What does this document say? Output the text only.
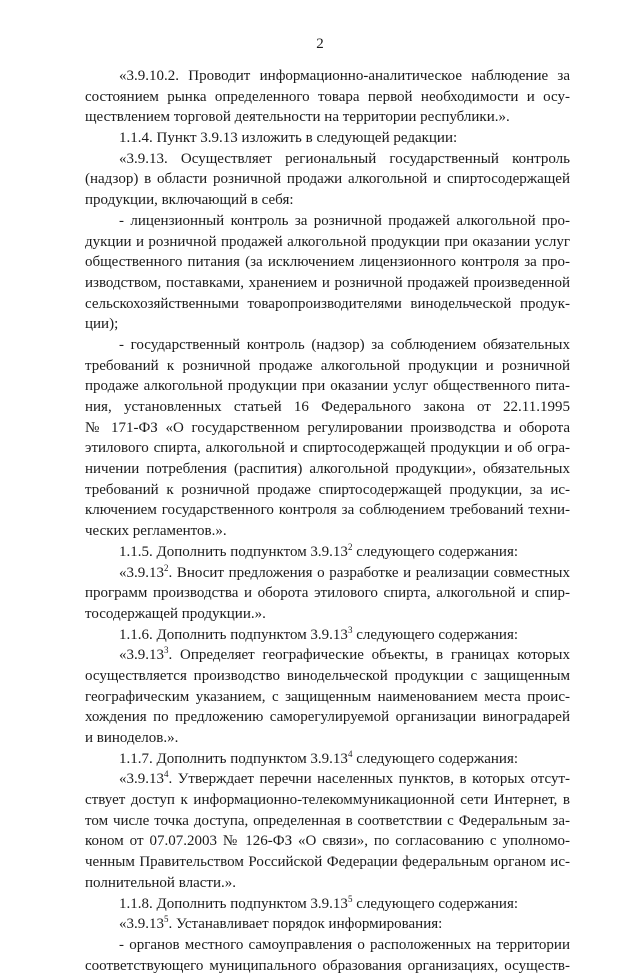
2
«3.9.10.2. Проводит информационно-аналитическое наблюдение за
состоянием рынка определенного товара первой необходимости и осу-
ществлением торговой деятельности на территории республики.».
1.1.4. Пункт 3.9.13 изложить в следующей редакции:
«3.9.13. Осуществляет региональный государственный контроль
(надзор) в области розничной продажи алкогольной и спиртосодержащей
продукции, включающий в себя:
- лицензионный контроль за розничной продажей алкогольной про-
дукции и розничной продажей алкогольной продукции при оказании услуг
общественного питания (за исключением лицензионного контроля за про-
изводством, поставками, хранением и розничной продажей произведенной
сельскохозяйственными товаропроизводителями винодельческой продук-
ции);
- государственный контроль (надзор) за соблюдением обязательных
требований к розничной продаже алкогольной продукции и розничной
продаже алкогольной продукции при оказании услуг общественного пита-
ния, установленных статьей 16 Федерального закона от 22.11.1995
№ 171-ФЗ «О государственном регулировании производства и оборота
этилового спирта, алкогольной и спиртосодержащей продукции и об огра-
ничении потребления (распития) алкогольной продукции», обязательных
требований к розничной продаже спиртосодержащей продукции, за ис-
ключением государственного контроля за соблюдением требований техни-
ческих регламентов.».
1.1.5. Дополнить подпунктом 3.9.13$^2$ следующего содержания:
«3.9.13$^2$. Вносит предложения о разработке и реализации совместных
программ производства и оборота этилового спирта, алкогольной и спир-
тосодержащей продукции.».
1.1.6. Дополнить подпунктом 3.9.13$^3$ следующего содержания:
«3.9.13$^3$. Определяет географические объекты, в границах которых
осуществляется производство винодельческой продукции с защищенным
географическим указанием, с защищенным наименованием места проис-
хождения по предложению саморегулируемой организации виноградарей
и виноделов.».
1.1.7. Дополнить подпунктом 3.9.13$^4$ следующего содержания:
«3.9.13$^4$. Утверждает перечни населенных пунктов, в которых отсут-
ствует доступ к информационно-телекоммуникационной сети Интернет, в
том числе точка доступа, определенная в соответствии с Федеральным за-
коном от 07.07.2003 № 126-ФЗ «О связи», по согласованию с уполномо-
ченным Правительством Российской Федерации федеральным органом ис-
полнительной власти.».
1.1.8. Дополнить подпунктом 3.9.13$^5$ следующего содержания:
«3.9.13$^5$. Устанавливает порядок информирования:
- органов местного самоуправления о расположенных на территории
соответствующего муниципального образования организациях, осуществ-
